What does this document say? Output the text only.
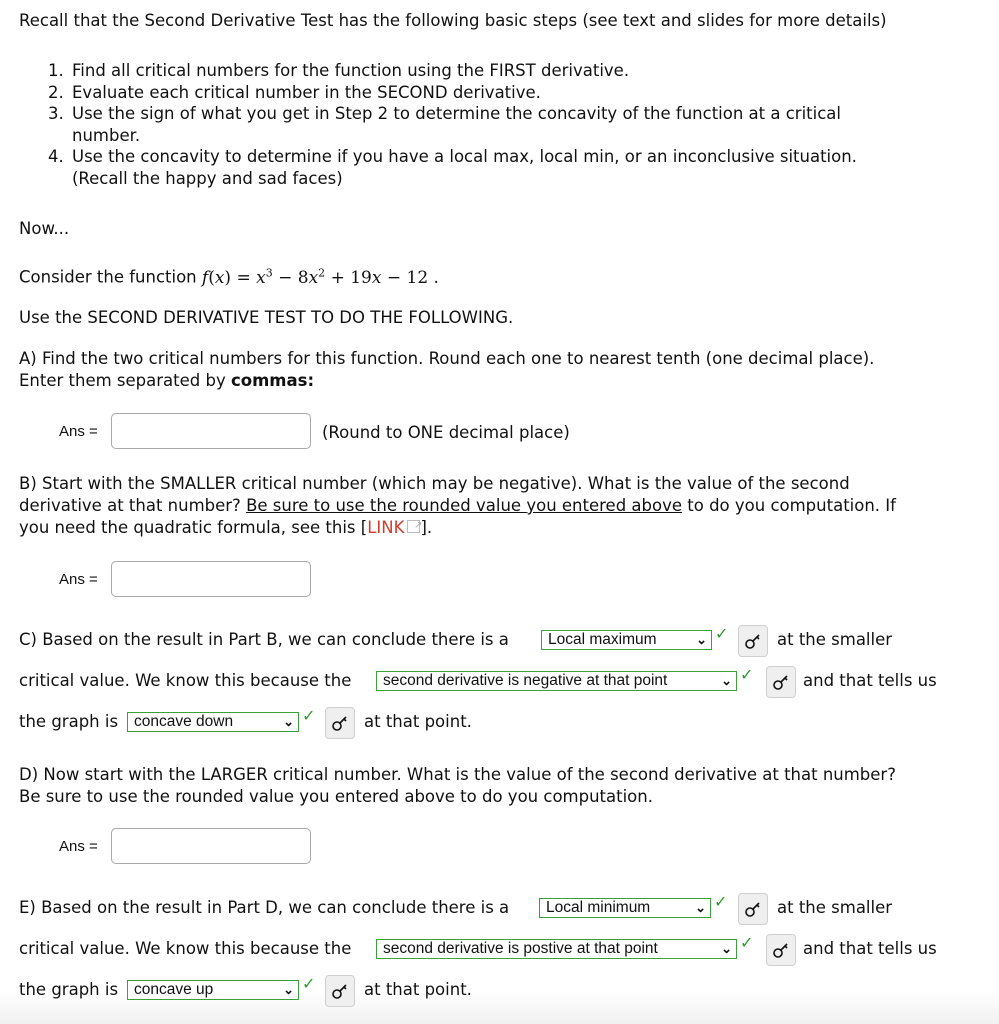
Recall that the Second Derivative Test has the following basic steps (see text and slides for more details)
1. Find all critical numbers for the function using the FIRST derivative.
2. Evaluate each critical number in the SECOND derivative.
3. Use the sign of what you get in Step 2 to determine the concavity of the function at a critical number.
4. Use the concavity to determine if you have a local max, local min, or an inconclusive situation. (Recall the happy and sad faces)
Now...
Consider the function $f(x) = x^3 - 8x^2 + 19x - 12$ .
Use the SECOND DERIVATIVE TEST TO DO THE FOLLOWING.
A) Find the two critical numbers for this function. Round each one to nearest tenth (one decimal place).
Enter them separated by commas:
Ans =	(Round to ONE decimal place)
B) Start with the SMALLER critical number (which may be negative). What is the value of the second
derivative at that number? Be sure to use the rounded value you entered above to do you computation. If
you need the quadratic formula, see this [LINK ↗ ].
Ans =
C) Based on the result in Part B, we can conclude there is a	Local maximum	⌄ ✓	at the smaller
critical value. We know this because the	second derivative is negative at that point	⌄ ✓	and that tells us
the graph is	concave down	⌄ ✓	at that point.
D) Now start with the LARGER critical number. What is the value of the second derivative at that number?
Be sure to use the rounded value you entered above to do you computation.
Ans =
E) Based on the result in Part D, we can conclude there is a	Local minimum	⌄ ✓	at the smaller
critical value. We know this because the	second derivative is postive at that point	⌄ ✓	and that tells us
the graph is	concave up	⌄ ✓	at that point.
